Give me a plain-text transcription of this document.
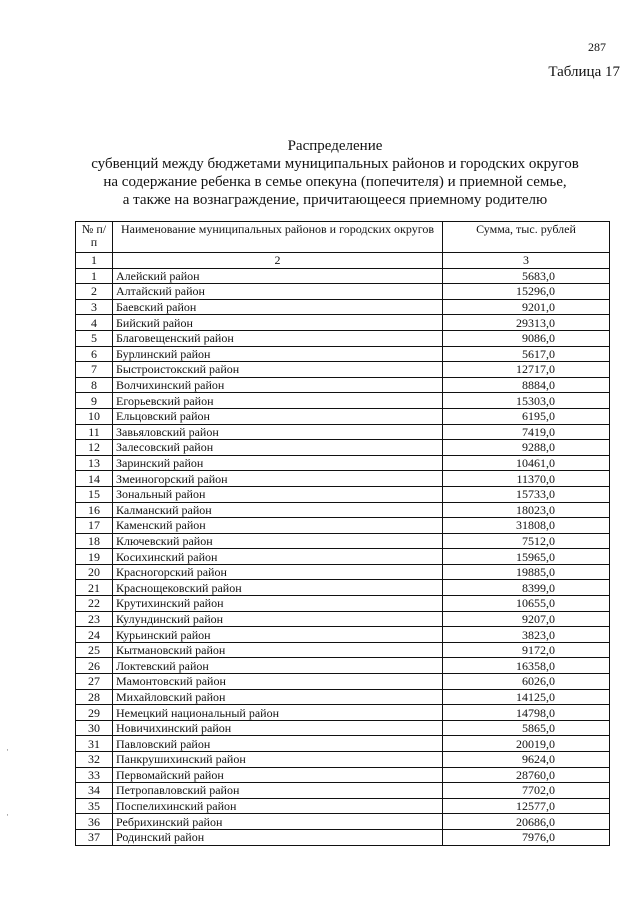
287
Таблица 17
Распределение
субвенций между бюджетами муниципальных районов и городских округов
на содержание ребенка в семье опекуна (попечителя) и приемной семье,
а также на вознаграждение, причитающееся приемному родителю
№ п/п	Наименование муниципальных районов и городских округов	Сумма, тыс. рублей
1	2	3
1	Алейский район	5683,0
2	Алтайский район	15296,0
3	Баевский район	9201,0
4	Бийский район	29313,0
5	Благовещенский район	9086,0
6	Бурлинский район	5617,0
7	Быстроистокский район	12717,0
8	Волчихинский район	8884,0
9	Егорьевский район	15303,0
10	Ельцовский район	6195,0
11	Завьяловский район	7419,0
12	Залесовский район	9288,0
13	Заринский район	10461,0
14	Змеиногорский район	11370,0
15	Зональный район	15733,0
16	Калманский район	18023,0
17	Каменский район	31808,0
18	Ключевский район	7512,0
19	Косихинский район	15965,0
20	Красногорский район	19885,0
21	Краснощековский район	8399,0
22	Крутихинский район	10655,0
23	Кулундинский район	9207,0
24	Курьинский район	3823,0
25	Кытмановский район	9172,0
26	Локтевский район	16358,0
27	Мамонтовский район	6026,0
28	Михайловский район	14125,0
29	Немецкий национальный район	14798,0
30	Новичихинский район	5865,0
31	Павловский район	20019,0
32	Панкрушихинский район	9624,0
33	Первомайский район	28760,0
34	Петропавловский район	7702,0
35	Поспелихинский район	12577,0
36	Ребрихинский район	20686,0
37	Родинский район	7976,0
·
·
